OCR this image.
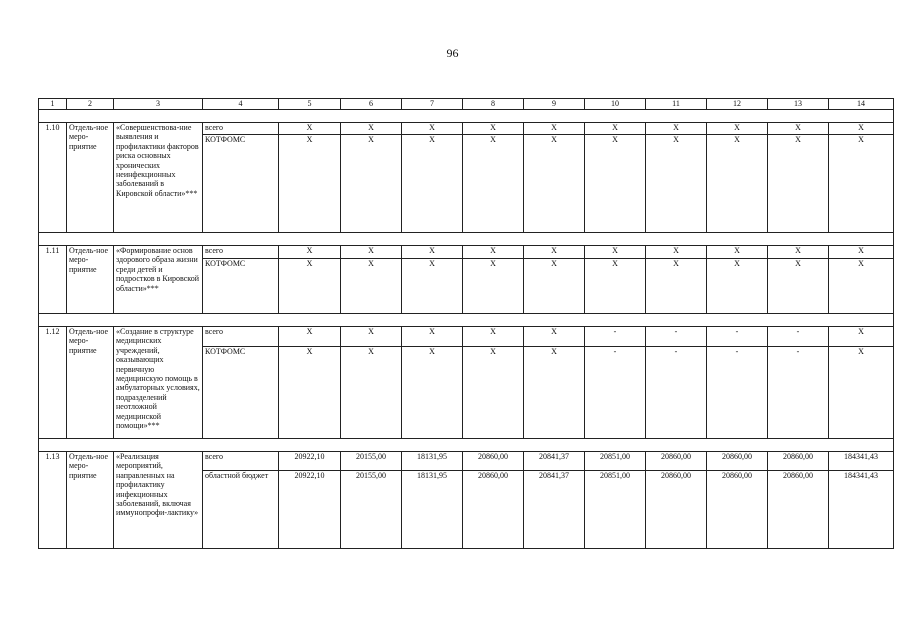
96
1	2	3	4	5	6	7	8	9	10	11	12	13	14

1.10	Отдель-ное меро-приятие	«Совершенствова-ние выявления и профилактики факторов риска основных хронических неинфекционных заболеваний в Кировской области»***	всего	X	X	X	X	X	X	X	X	X	X
			КОТФОМС	X	X	X	X	X	X	X	X	X	X

1.11	Отдель-ное меро-приятие	«Формирование основ здорового образа жизни среди детей и подростков в Кировской области»***	всего	X	X	X	X	X	X	X	X	X	X
			КОТФОМС	X	X	X	X	X	X	X	X	X	X

1.12	Отдель-ное меро-приятие	«Создание в структуре медицинских учреждений, оказывающих первичную медицинскую помощь в амбулаторных условиях, подразделений неотложной медицинской помощи»***	всего	X	X	X	X	X	-	-	-	-	X
			КОТФОМС	X	X	X	X	X	-	-	-	-	X

1.13	Отдель-ное меро-приятие	«Реализация мероприятий, направленных на профилактику инфекционных заболеваний, включая иммунопрофи-лактику»	всего	20922,10	20155,00	18131,95	20860,00	20841,37	20851,00	20860,00	20860,00	20860,00	184341,43
			областной бюджет	20922,10	20155,00	18131,95	20860,00	20841,37	20851,00	20860,00	20860,00	20860,00	184341,43
